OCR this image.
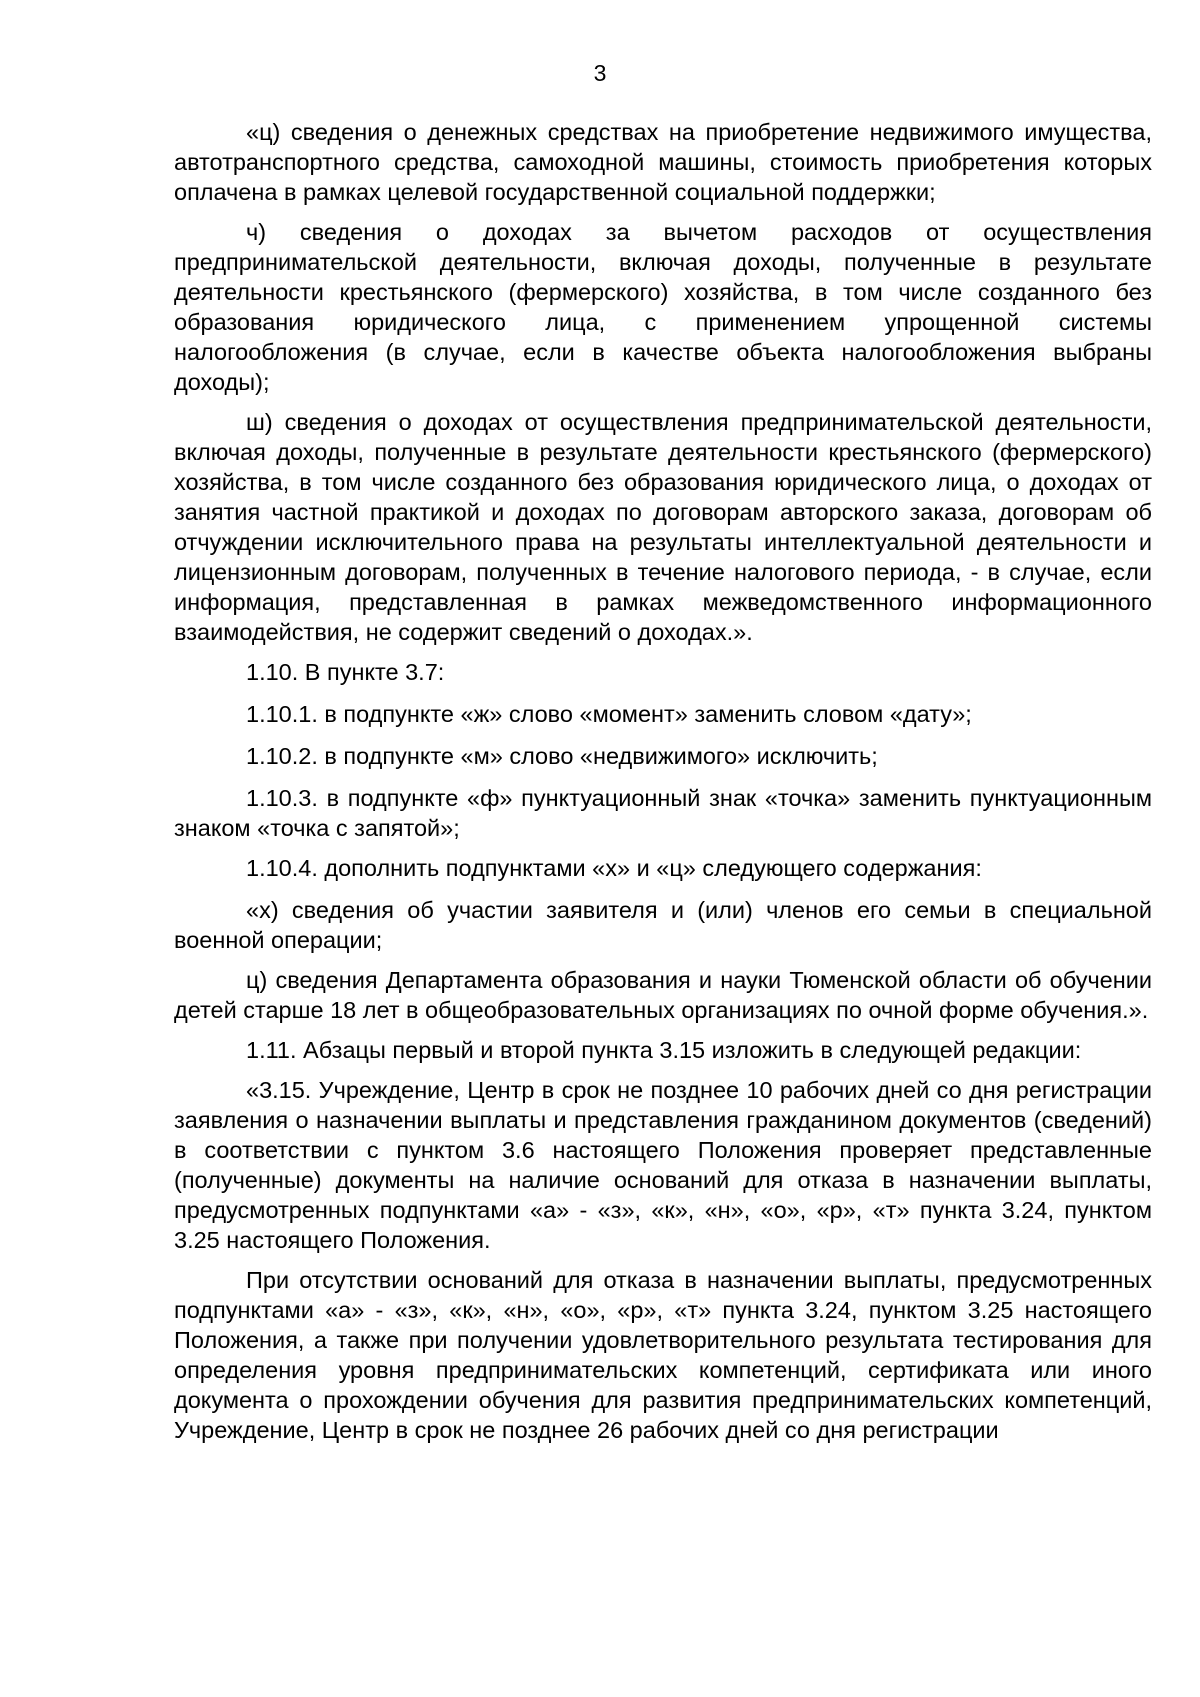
3

«ц) сведения о денежных средствах на приобретение недвижимого имущества, автотранспортного средства, самоходной машины, стоимость приобретения которых оплачена в рамках целевой государственной социальной поддержки;

ч) сведения о доходах за вычетом расходов от осуществления предпринимательской деятельности, включая доходы, полученные в результате деятельности крестьянского (фермерского) хозяйства, в том числе созданного без образования юридического лица, с применением упрощенной системы налогообложения (в случае, если в качестве объекта налогообложения выбраны доходы);

ш) сведения о доходах от осуществления предпринимательской деятельности, включая доходы, полученные в результате деятельности крестьянского (фермерского) хозяйства, в том числе созданного без образования юридического лица, о доходах от занятия частной практикой и доходах по договорам авторского заказа, договорам об отчуждении исключительного права на результаты интеллектуальной деятельности и лицензионным договорам, полученных в течение налогового периода, - в случае, если информация, представленная в рамках межведомственного информационного взаимодействия, не содержит сведений о доходах.».

1.10. В пункте 3.7:

1.10.1. в подпункте «ж» слово «момент» заменить словом «дату»;

1.10.2. в подпункте «м» слово «недвижимого» исключить;

1.10.3. в подпункте «ф» пунктуационный знак «точка» заменить пунктуационным знаком «точка с запятой»;

1.10.4. дополнить подпунктами «х» и «ц» следующего содержания:

«х) сведения об участии заявителя и (или) членов его семьи в специальной военной операции;

ц) сведения Департамента образования и науки Тюменской области об обучении детей старше 18 лет в общеобразовательных организациях по очной форме обучения.».

1.11. Абзацы первый и второй пункта 3.15 изложить в следующей редакции:

«3.15. Учреждение, Центр в срок не позднее 10 рабочих дней со дня регистрации заявления о назначении выплаты и представления гражданином документов (сведений) в соответствии с пунктом 3.6 настоящего Положения проверяет представленные (полученные) документы на наличие оснований для отказа в назначении выплаты, предусмотренных подпунктами «а» - «з», «к», «н», «о», «р», «т» пункта 3.24, пунктом 3.25 настоящего Положения.

При отсутствии оснований для отказа в назначении выплаты, предусмотренных подпунктами «а» - «з», «к», «н», «о», «р», «т» пункта 3.24, пунктом 3.25 настоящего Положения, а также при получении удовлетворительного результата тестирования для определения уровня предпринимательских компетенций, сертификата или иного документа о прохождении обучения для развития предпринимательских компетенций, Учреждение, Центр в срок не позднее 26 рабочих дней со дня регистрации
